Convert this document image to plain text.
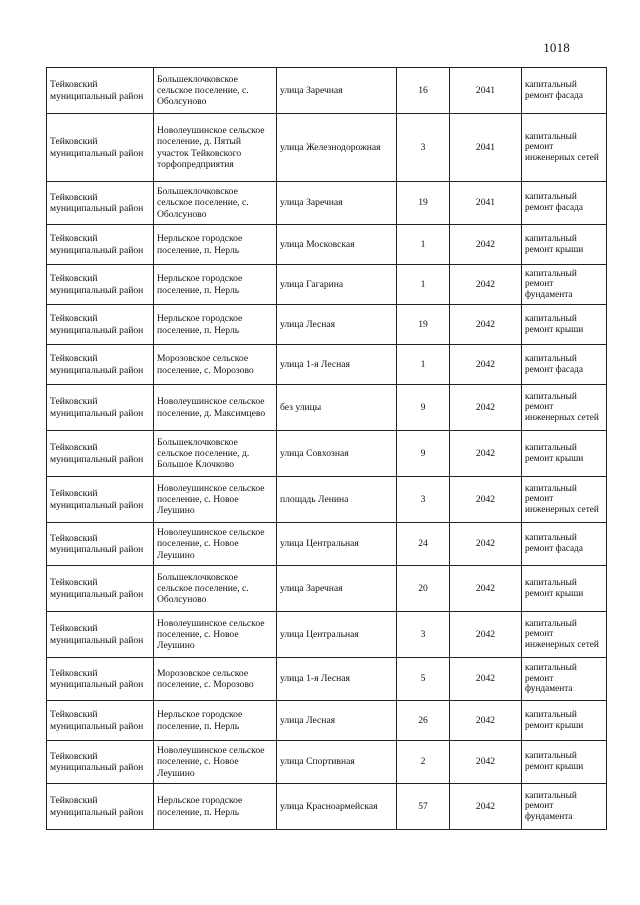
1018
Тейковский муниципальный район	Большеклочковское сельское поселение, с. Оболсуново	улица Заречная	16	2041	капитальный ремонт фасада
Тейковский муниципальный район	Новолеушинское сельское поселение, д. Пятый участок Тейковского торфопредприятия	улица Железнодорожная	3	2041	капитальный ремонт инженерных сетей
Тейковский муниципальный район	Большеклочковское сельское поселение, с. Оболсуново	улица Заречная	19	2041	капитальный ремонт фасада
Тейковский муниципальный район	Нерльское городское поселение, п. Нерль	улица Московская	1	2042	капитальный ремонт крыши
Тейковский муниципальный район	Нерльское городское поселение, п. Нерль	улица Гагарина	1	2042	капитальный ремонт фундамента
Тейковский муниципальный район	Нерльское городское поселение, п. Нерль	улица Лесная	19	2042	капитальный ремонт крыши
Тейковский муниципальный район	Морозовское сельское поселение, с. Морозово	улица 1-я Лесная	1	2042	капитальный ремонт фасада
Тейковский муниципальный район	Новолеушинское сельское поселение, д. Максимцево	без улицы	9	2042	капитальный ремонт инженерных сетей
Тейковский муниципальный район	Большеклочковское сельское поселение, д. Большое Клочково	улица Совхозная	9	2042	капитальный ремонт крыши
Тейковский муниципальный район	Новолеушинское сельское поселение, с. Новое Леушино	площадь Ленина	3	2042	капитальный ремонт инженерных сетей
Тейковский муниципальный район	Новолеушинское сельское поселение, с. Новое Леушино	улица Центральная	24	2042	капитальный ремонт фасада
Тейковский муниципальный район	Большеклочковское сельское поселение, с. Оболсуново	улица Заречная	20	2042	капитальный ремонт крыши
Тейковский муниципальный район	Новолеушинское сельское поселение, с. Новое Леушино	улица Центральная	3	2042	капитальный ремонт инженерных сетей
Тейковский муниципальный район	Морозовское сельское поселение, с. Морозово	улица 1-я Лесная	5	2042	капитальный ремонт фундамента
Тейковский муниципальный район	Нерльское городское поселение, п. Нерль	улица Лесная	26	2042	капитальный ремонт крыши
Тейковский муниципальный район	Новолеушинское сельское поселение, с. Новое Леушино	улица Спортивная	2	2042	капитальный ремонт крыши
Тейковский муниципальный район	Нерльское городское поселение, п. Нерль	улица Красноармейская	57	2042	капитальный ремонт фундамента
